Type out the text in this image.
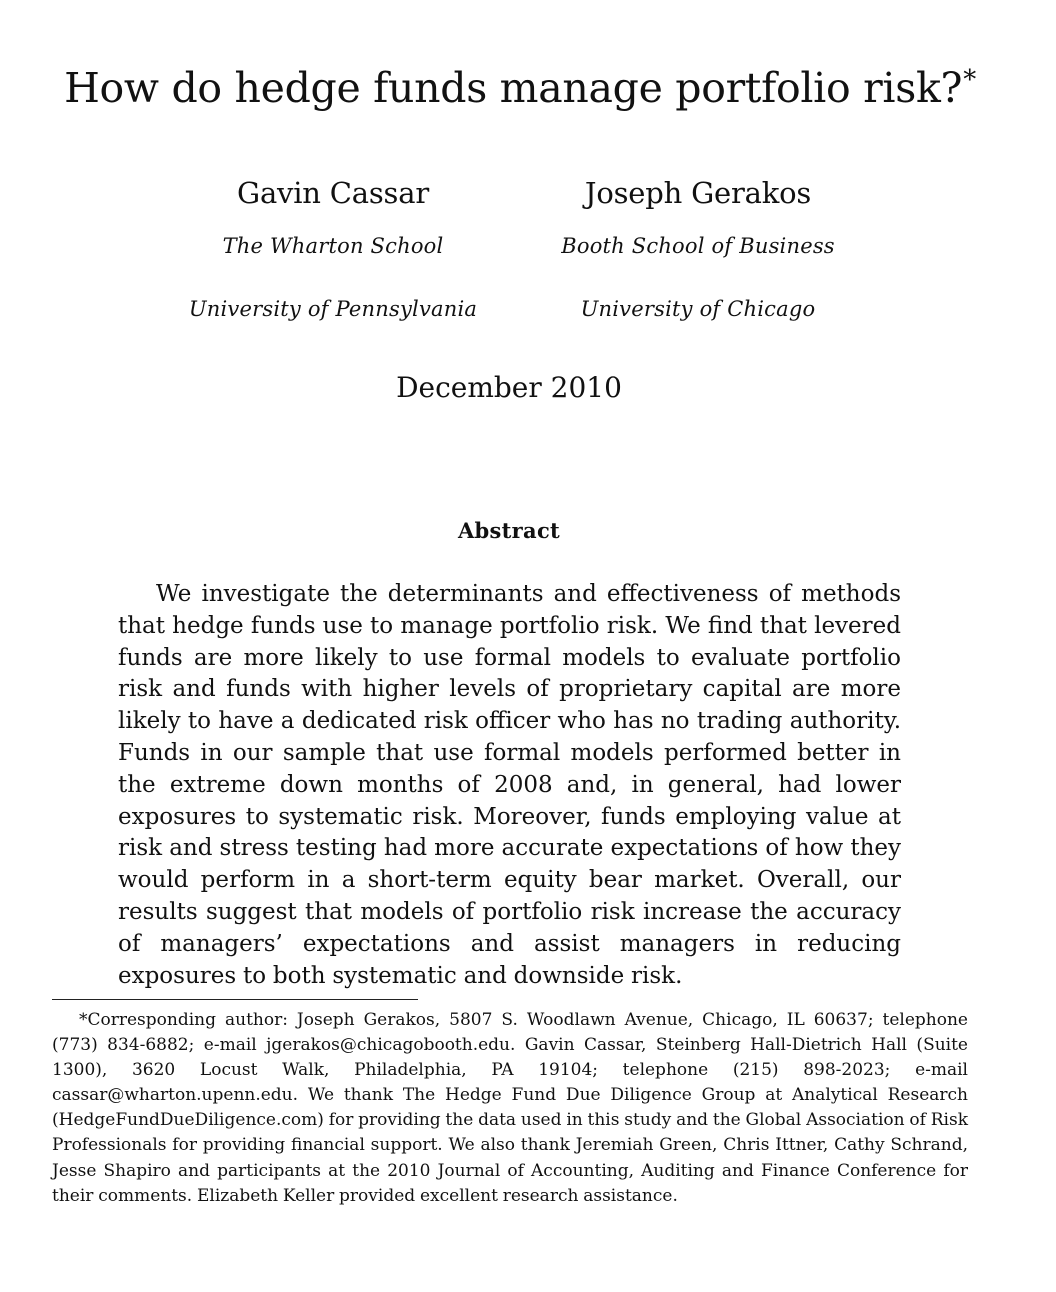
How do hedge funds manage portfolio risk?*
Gavin Cassar
The Wharton School
University of Pennsylvania
Joseph Gerakos
Booth School of Business
University of Chicago
December 2010
Abstract
We investigate the determinants and effectiveness of methods that hedge funds use to manage portfolio risk. We find that levered funds are more likely to use formal models to evaluate portfolio risk and funds with higher levels of proprietary capital are more likely to have a dedicated risk officer who has no trading authority. Funds in our sample that use formal models performed better in the extreme down months of 2008 and, in general, had lower exposures to systematic risk. Moreover, funds employing value at risk and stress testing had more accurate expectations of how they would perform in a short-term equity bear market. Overall, our results suggest that models of portfolio risk increase the accuracy of managers’ expectations and assist managers in reducing exposures to both systematic and downside risk.
*Corresponding author: Joseph Gerakos, 5807 S. Woodlawn Avenue, Chicago, IL 60637; telephone (773) 834-6882; e-mail jgerakos@chicagobooth.edu. Gavin Cassar, Steinberg Hall-Dietrich Hall (Suite 1300), 3620 Locust Walk, Philadelphia, PA 19104; telephone (215) 898-2023; e-mail cassar@wharton.upenn.edu. We thank The Hedge Fund Due Diligence Group at Analytical Research (HedgeFundDueDiligence.com) for providing the data used in this study and the Global Association of Risk Professionals for providing financial support. We also thank Jeremiah Green, Chris Ittner, Cathy Schrand, Jesse Shapiro and participants at the 2010 Journal of Accounting, Auditing and Finance Conference for their comments. Elizabeth Keller provided excellent research assistance.
